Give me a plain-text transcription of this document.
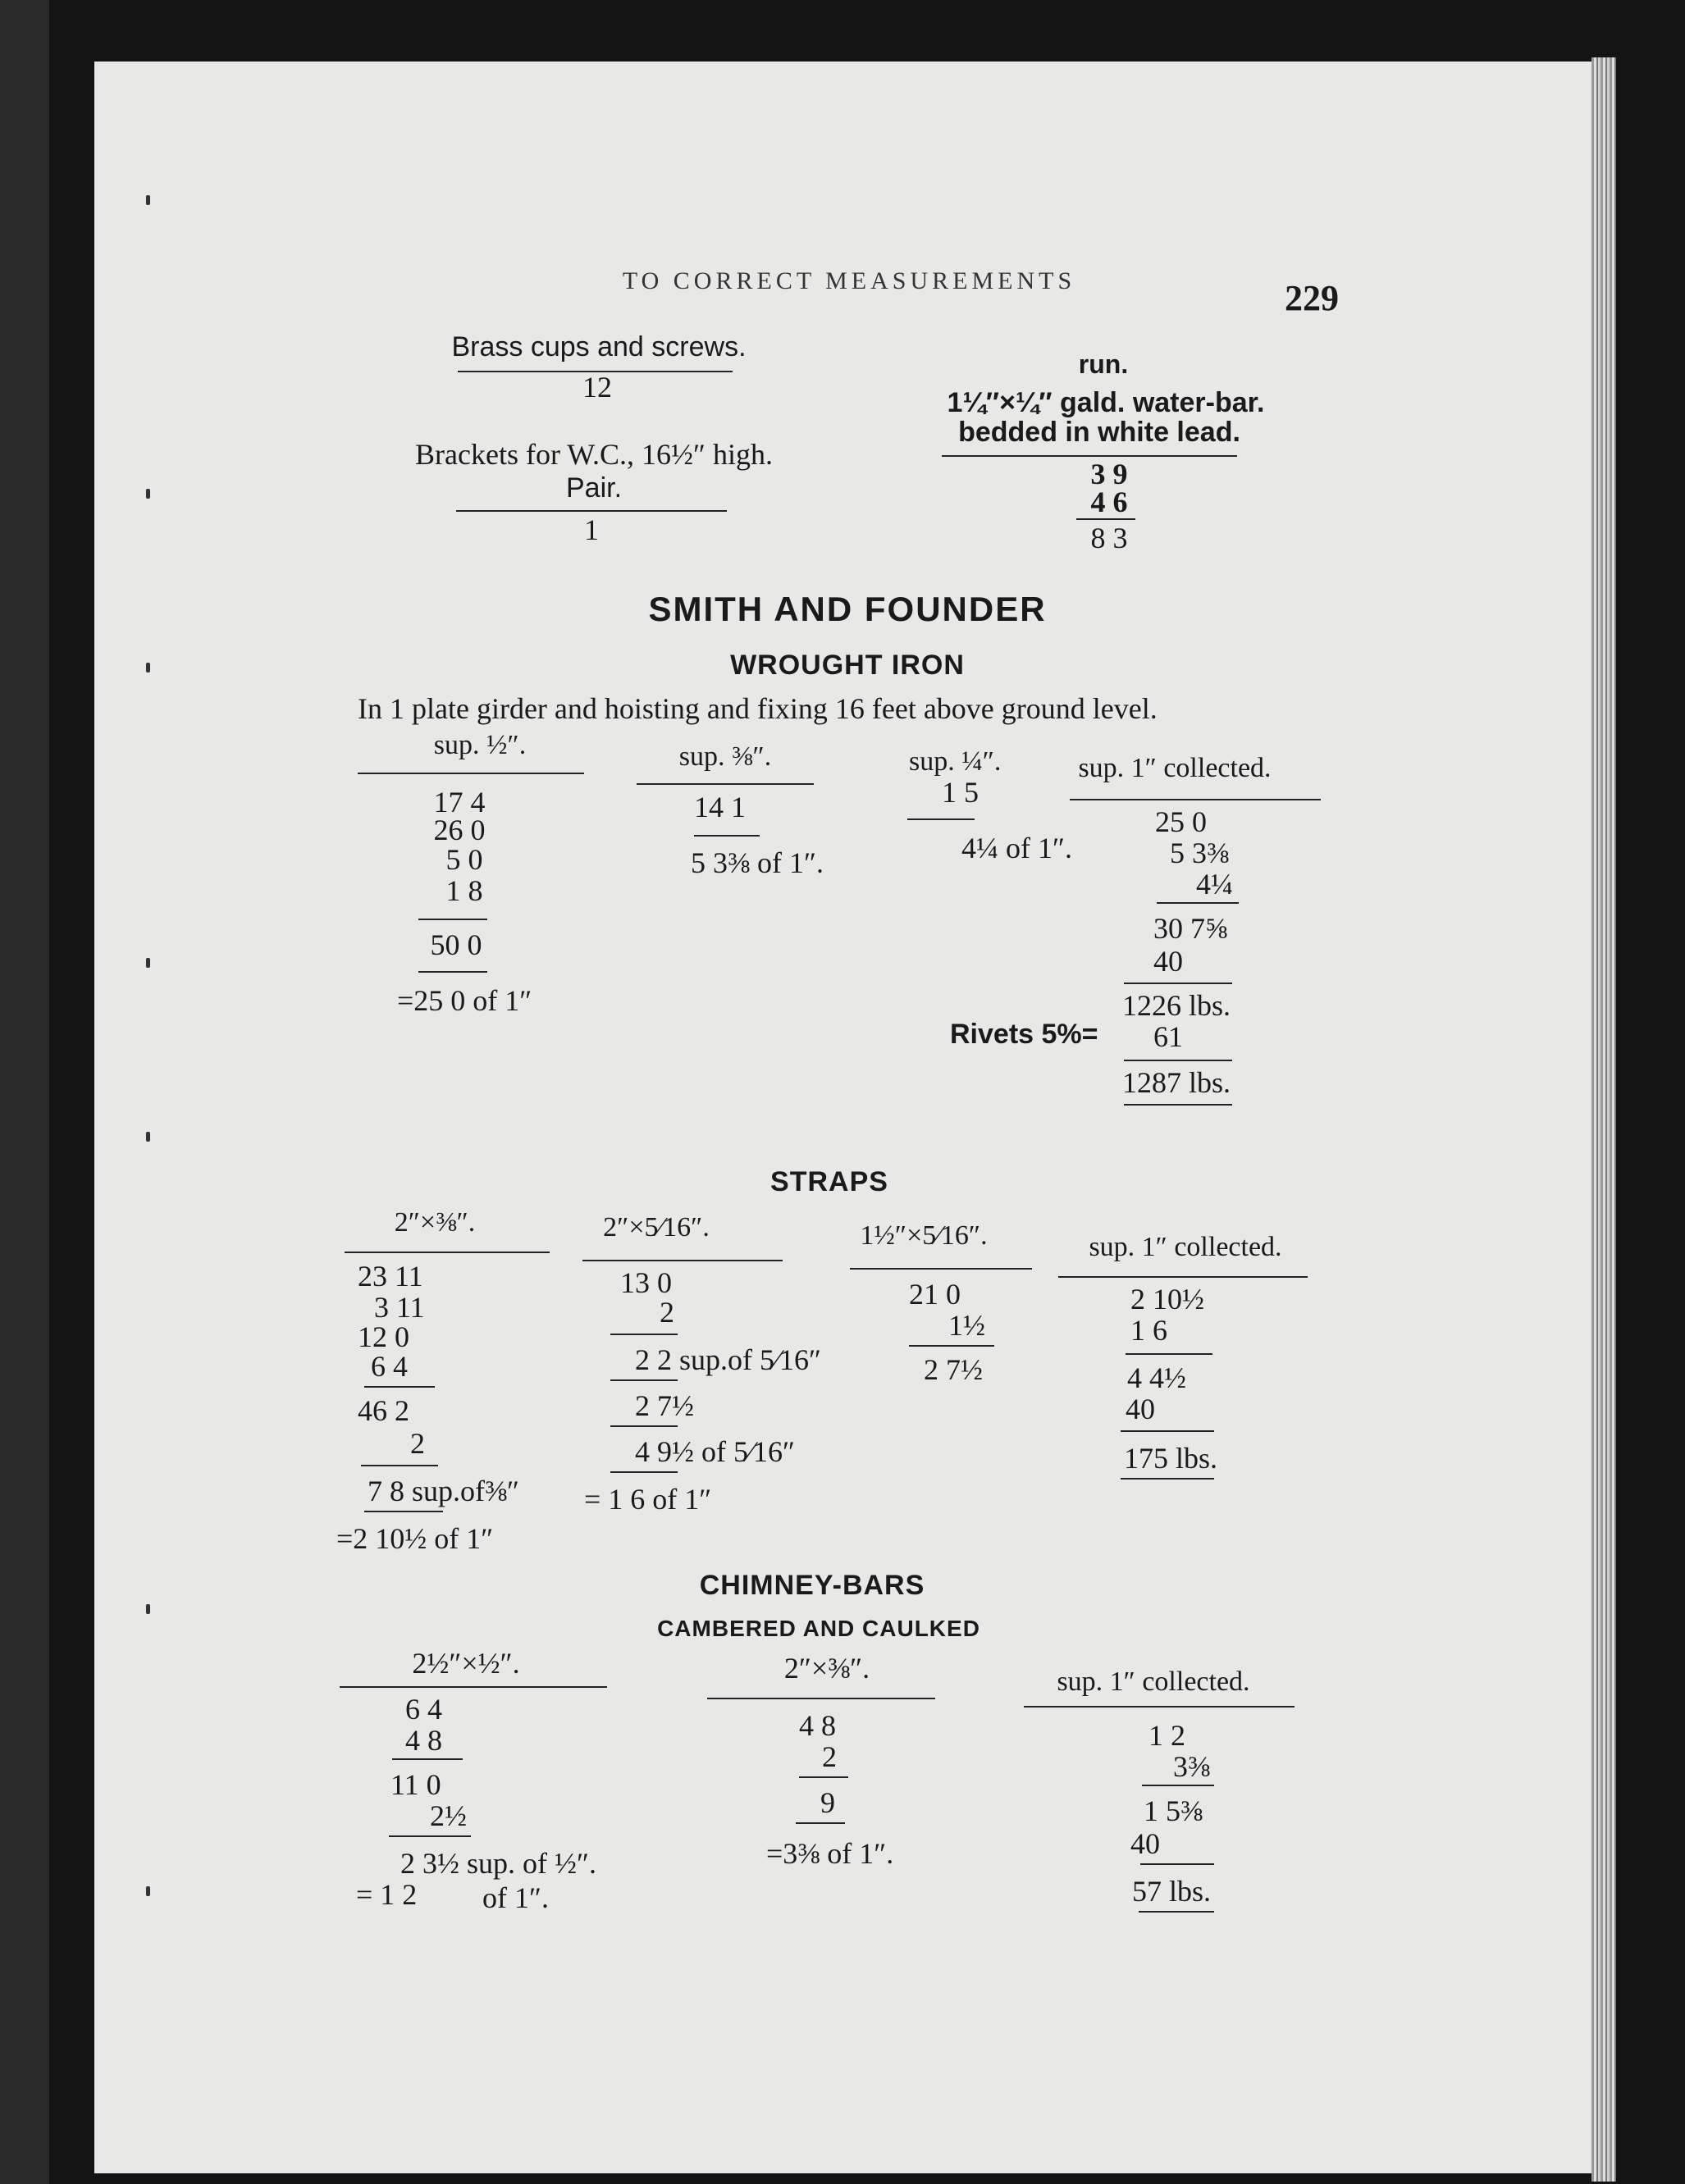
TO CORRECT MEASUREMENTS	229
Brass cups and screws.
12
Brackets for W.C., 16½″ high.
Pair.
1
run.
1¼″×¼″ gald. water-bar.
bedded in white lead.
3 9
4 6
8 3
SMITH AND FOUNDER
WROUGHT IRON
In 1 plate girder and hoisting and fixing 16 feet above ground level.
sup. ½″.
17 4
26 0
5 0
1 8
50 0
=25 0 of 1″
sup. ⅜″.
14 1
5 3⅜ of 1″.
sup. ¼″.
1 5
4¼ of 1″.
sup. 1″ collected.
25 0
5 3⅜
4¼
30 7⅝
40
1226 lbs.
Rivets 5%= 61
1287 lbs.
STRAPS
2″×⅜″.
23 11
3 11
12 0
6 4
46 2
2
7 8 sup.of⅜″
=2 10½ of 1″
2″×5⁄16″.
13 0
2
2 2 sup.of 5⁄16″
2 7½
4 9½ of 5⁄16″
= 1 6 of 1″
1½″×5⁄16″.
21 0
1½
2 7½
sup. 1″ collected.
2 10½
1 6
4 4½
40
175 lbs.
CHIMNEY-BARS
CAMBERED AND CAULKED
2½″×½″.
6 4
4 8
11 0
2½
2 3½ sup. of ½″.
= 1 2 of 1″.
2″×⅜″.
4 8
2
9
=3⅜ of 1″.
sup. 1″ collected.
1 2
3⅜
1 5⅜
40
57 lbs.
